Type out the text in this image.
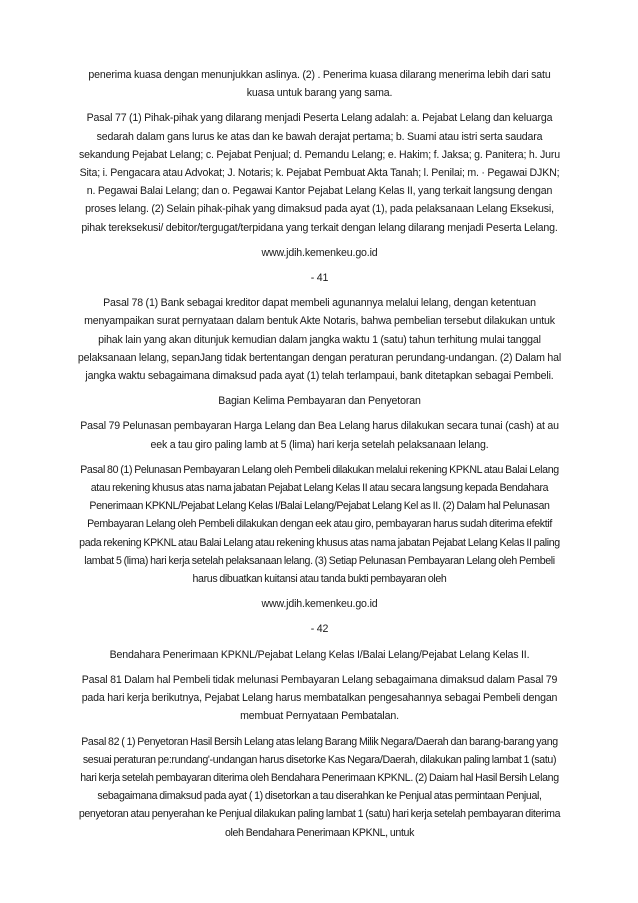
penerima kuasa dengan menunjukkan aslinya. (2) . Penerima kuasa dilarang menerima lebih dari satu kuasa untuk barang yang sama.

Pasal 77 (1) Pihak-pihak yang dilarang menjadi Peserta Lelang adalah: a. Pejabat Lelang dan keluarga sedarah dalam gans lurus ke atas dan ke bawah derajat pertama; b. Suami atau istri serta saudara sekandung Pejabat Lelang; c. Pejabat Penjual; d. Pemandu Lelang; e. Hakim; f. Jaksa; g. Panitera; h. Juru Sita; i. Pengacara atau Advokat; J. Notaris; k. Pejabat Pembuat Akta Tanah; l. Penilai; m. · Pegawai DJKN; n. Pegawai Balai Lelang; dan o. Pegawai Kantor Pejabat Lelang Kelas II, yang terkait langsung dengan proses lelang. (2) Selain pihak-pihak yang dimaksud pada ayat (1), pada pelaksanaan Lelang Eksekusi, pihak tereksekusi/ debitor/tergugat/terpidana yang terkait dengan lelang dilarang menjadi Peserta Lelang.

www.jdih.kemenkeu.go.id

- 41

Pasal 78 (1) Bank sebagai kreditor dapat membeli agunannya melalui lelang, dengan ketentuan menyampaikan surat pernyataan dalam bentuk Akte Notaris, bahwa pembelian tersebut dilakukan untuk pihak lain yang akan ditunjuk kemudian dalam jangka waktu 1 (satu) tahun terhitung mulai tanggal pelaksanaan lelang, sepanJang tidak bertentangan dengan peraturan perundang-undangan. (2) Dalam hal jangka waktu sebagaimana dimaksud pada ayat (1) telah terlampaui, bank ditetapkan sebagai Pembeli.

Bagian Kelima Pembayaran dan Penyetoran

Pasal 79 Pelunasan pembayaran Harga Lelang dan Bea Lelang harus dilakukan secara tunai (cash) at au eek a tau giro paling lamb at 5 (lima) hari kerja setelah pelaksanaan lelang.

Pasal 80 (1) Pelunasan Pembayaran Lelang oleh Pembeli dilakukan melalui rekening KPKNL atau Balai Lelang atau rekening khusus atas nama jabatan Pejabat Lelang Kelas II atau secara langsung kepada Bendahara Penerimaan KPKNL/Pejabat Lelang Kelas I/Balai Lelang/Pejabat Lelang Kel as II. (2) Dalam hal Pelunasan Pembayaran Lelang oleh Pembeli dilakukan dengan eek atau giro, pembayaran harus sudah diterima efektif pada rekening KPKNL atau Balai Lelang atau rekening khusus atas nama jabatan Pejabat Lelang Kelas II paling lambat 5 (lima) hari kerja setelah pelaksanaan lelang. (3) Setiap Pelunasan Pembayaran Lelang oleh Pembeli harus dibuatkan kuitansi atau tanda bukti pembayaran oleh

www.jdih.kemenkeu.go.id

- 42

Bendahara Penerimaan KPKNL/Pejabat Lelang Kelas I/Balai Lelang/Pejabat Lelang Kelas II.

Pasal 81 Dalam hal Pembeli tidak melunasi Pembayaran Lelang sebagaimana dimaksud dalam Pasal 79 pada hari kerja berikutnya, Pejabat Lelang harus membatalkan pengesahannya sebagai Pembeli dengan membuat Pernyataan Pembatalan.

Pasal 82 ( 1) Penyetoran Hasil Bersih Lelang atas lelang Barang Milik Negara/Daerah dan barang-barang yang sesuai peraturan pe:rundang'-undangan harus disetorke Kas Negara/Daerah, dilakukan paling lambat 1 (satu) hari kerja setelah pembayaran diterima oleh Bendahara Penerimaan KPKNL. (2) Daiam hal Hasil Bersih Lelang sebagaimana dimaksud pada ayat ( 1) disetorkan a tau diserahkan ke Penjual atas permintaan Penjual, penyetoran atau penyerahan ke Penjual dilakukan paling lambat 1 (satu) hari kerja setelah pembayaran diterima oleh Bendahara Penerimaan KPKNL, untuk
